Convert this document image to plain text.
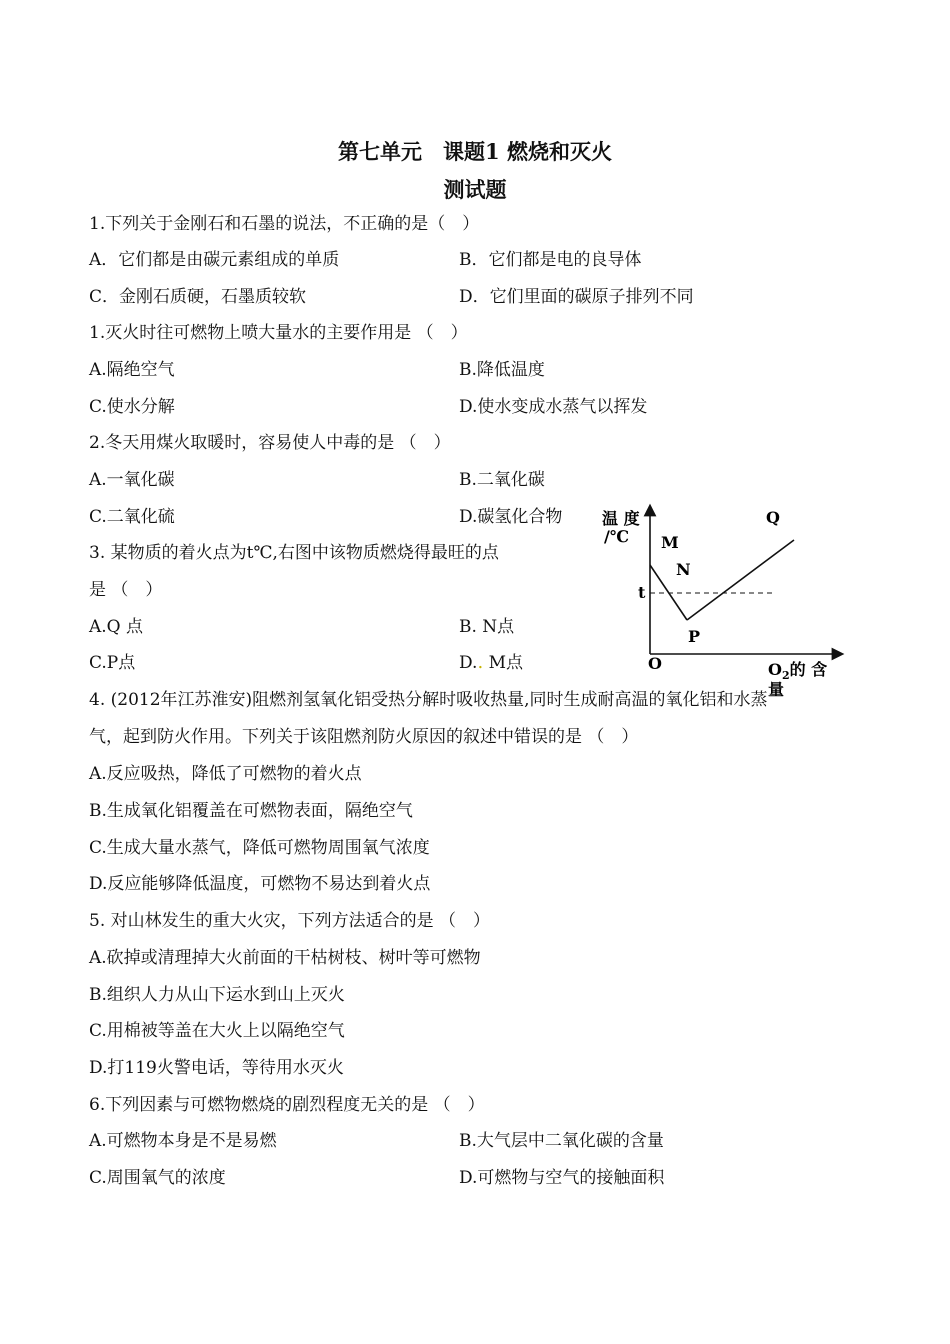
第七单元　课题1 燃烧和灭火
测试题
1.下列关于金刚石和石墨的说法，不正确的是（　）
A．它们都是由碳元素组成的单质	B．它们都是电的良导体
C．金刚石质硬，石墨质较软	D．它们里面的碳原子排列不同
1.灭火时往可燃物上喷大量水的主要作用是 （　）
A.隔绝空气	B.降低温度
C.使水分解	D.使水变成水蒸气以挥发
2.冬天用煤火取暖时，容易使人中毒的是 （　）
A.一氧化碳	B.二氧化碳
C.二氧化硫	D.碳氢化合物
3. 某物质的着火点为t℃,右图中该物质燃烧得最旺的点
是 （　）
A.Q 点	B. N点
C.P点	D.. M点
温 度
/℃ M
N
t
P
Q
O	$O_2$的 含
量
4. (2012年江苏淮安)阻燃剂氢氧化铝受热分解时吸收热量,同时生成耐高温的氧化铝和水蒸
气，起到防火作用。下列关于该阻燃剂防火原因的叙述中错误的是 （　）
A.反应吸热，降低了可燃物的着火点
B.生成氧化铝覆盖在可燃物表面，隔绝空气
C.生成大量水蒸气，降低可燃物周围氧气浓度
D.反应能够降低温度，可燃物不易达到着火点
5. 对山林发生的重大火灾，下列方法适合的是 （　）
A.砍掉或清理掉大火前面的干枯树枝、树叶等可燃物
B.组织人力从山下运水到山上灭火
C.用棉被等盖在大火上以隔绝空气
D.打119火警电话，等待用水灭火
6.下列因素与可燃物燃烧的剧烈程度无关的是 （　）
A.可燃物本身是不是易燃	B.大气层中二氧化碳的含量
C.周围氧气的浓度	D.可燃物与空气的接触面积
